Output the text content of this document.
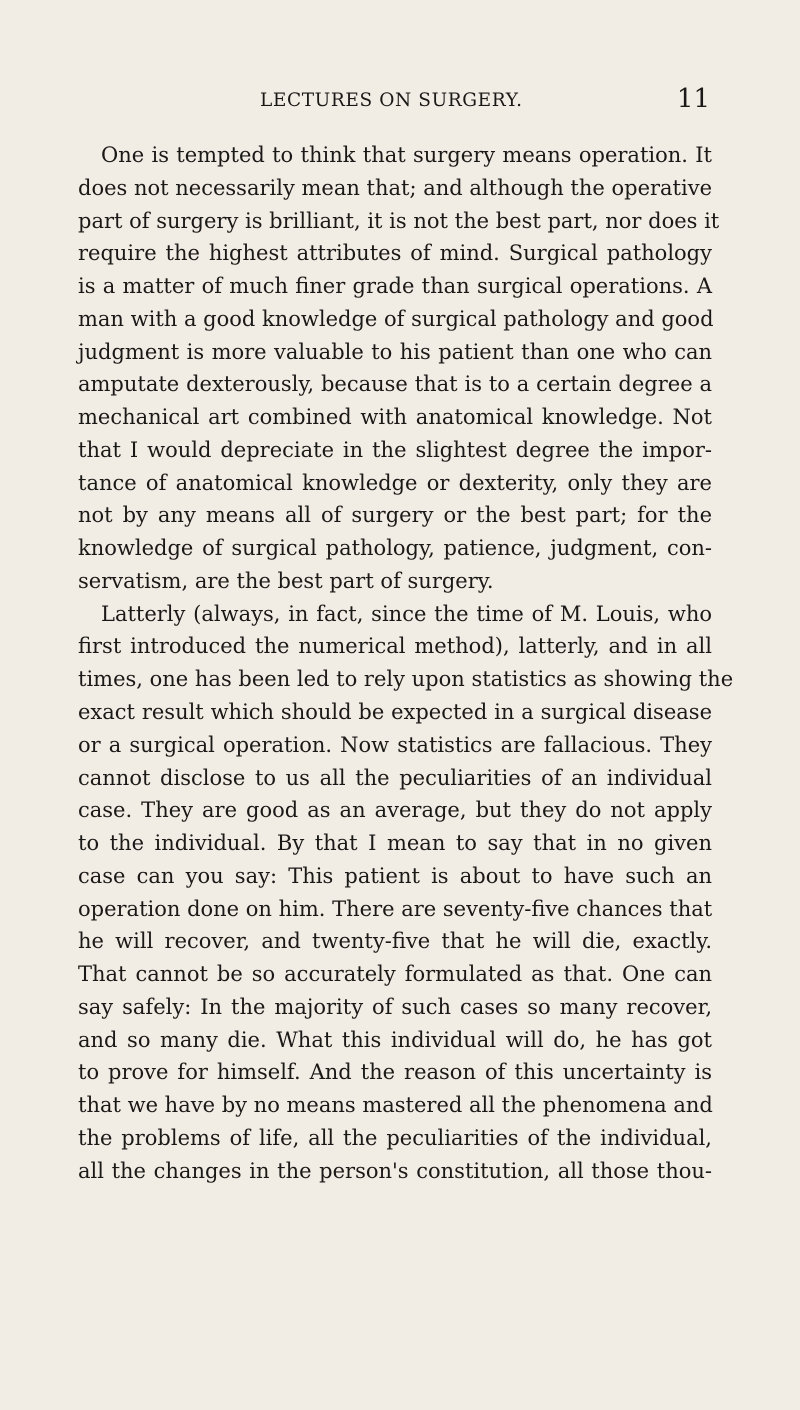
LECTURES ON SURGERY.	11
One is tempted to think that surgery means operation. It
does not necessarily mean that; and although the operative
part of surgery is brilliant, it is not the best part, nor does it
require the highest attributes of mind. Surgical pathology
is a matter of much finer grade than surgical operations. A
man with a good knowledge of surgical pathology and good
judgment is more valuable to his patient than one who can
amputate dexterously, because that is to a certain degree a
mechanical art combined with anatomical knowledge. Not
that I would depreciate in the slightest degree the impor-
tance of anatomical knowledge or dexterity, only they are
not by any means all of surgery or the best part; for the
knowledge of surgical pathology, patience, judgment, con-
servatism, are the best part of surgery.
Latterly (always, in fact, since the time of M. Louis, who
first introduced the numerical method), latterly, and in all
times, one has been led to rely upon statistics as showing the
exact result which should be expected in a surgical disease
or a surgical operation. Now statistics are fallacious. They
cannot disclose to us all the peculiarities of an individual
case. They are good as an average, but they do not apply
to the individual. By that I mean to say that in no given
case can you say: This patient is about to have such an
operation done on him. There are seventy-five chances that
he will recover, and twenty-five that he will die, exactly.
That cannot be so accurately formulated as that. One can
say safely: In the majority of such cases so many recover,
and so many die. What this individual will do, he has got
to prove for himself. And the reason of this uncertainty is
that we have by no means mastered all the phenomena and
the problems of life, all the peculiarities of the individual,
all the changes in the person's constitution, all those thou-
